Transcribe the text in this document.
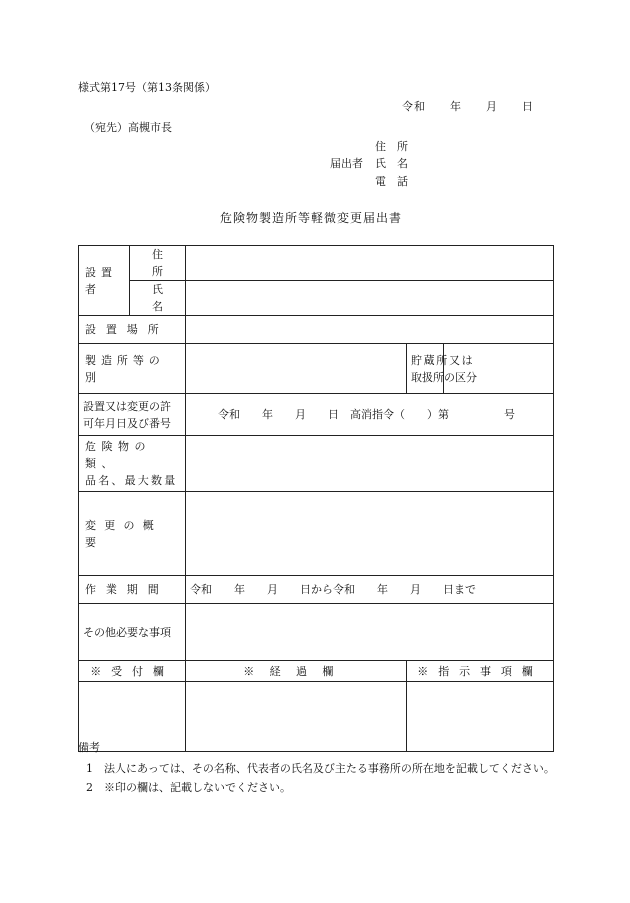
様式第17号（第13条関係）
令和　　年　　月　　日
（宛先）高槻市長
住　所
届出者 氏　名
電　話
危険物製造所等軽微変更届出書
設置者	住　　所			
	氏　　名			
設置場所				
製造所等の別			貯蔵所又は
取扱所の区分	

設置又は変更の許
可年月日及び番号		令和　　年　　月　　日　高消指令（　　）第　　　　　号		

危険物の類、
品名、最大数量				

変更の概要				
作業期間		令和　　年　　月　　日から令和　　年　　月　　日まで		
その他必要な事項				
※受付欄		※経過欄	※指示事項欄	

備考
1	法人にあっては、その名称、代表者の氏名及び主たる事務所の所在地を記載してください。
2	※印の欄は、記載しないでください。
